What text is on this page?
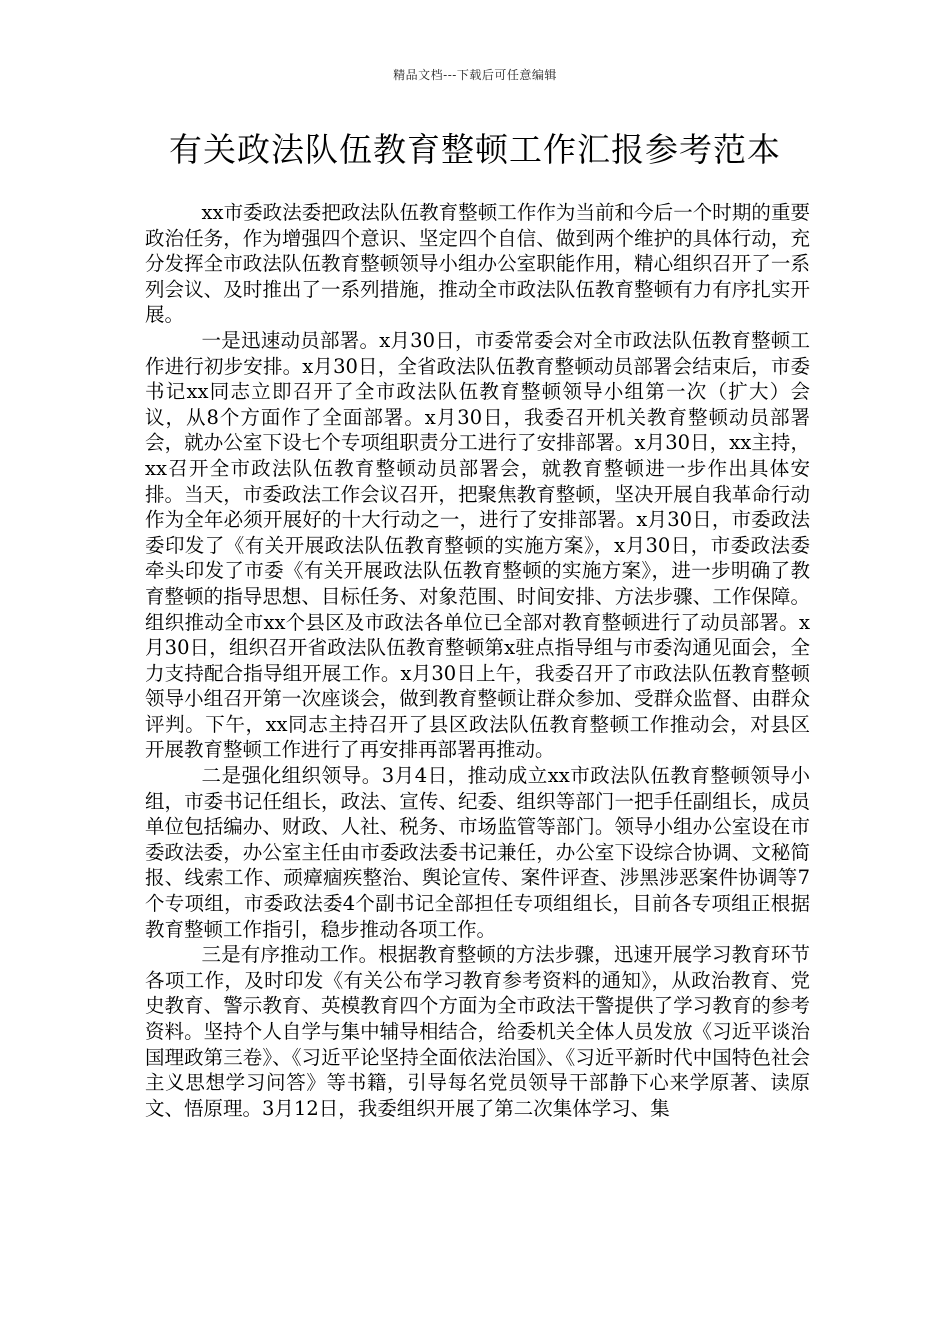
精品文档---下载后可任意编辑
有关政法队伍教育整顿工作汇报参考范本

xx市委政法委把政法队伍教育整顿工作作为当前和今后一个时期的重要政治任务，作为增强四个意识、坚定四个自信、做到两个维护的具体行动，充分发挥全市政法队伍教育整顿领导小组办公室职能作用，精心组织召开了一系列会议、及时推出了一系列措施，推动全市政法队伍教育整顿有力有序扎实开展。

一是迅速动员部署。x月30日，市委常委会对全市政法队伍教育整顿工作进行初步安排。x月30日，全省政法队伍教育整顿动员部署会结束后，市委书记xx同志立即召开了全市政法队伍教育整顿领导小组第一次（扩大）会议，从8个方面作了全面部署。x月30日，我委召开机关教育整顿动员部署会，就办公室下设七个专项组职责分工进行了安排部署。x月30日，xx主持，xx召开全市政法队伍教育整顿动员部署会，就教育整顿进一步作出具体安排。当天，市委政法工作会议召开，把聚焦教育整顿，坚决开展自我革命行动作为全年必须开展好的十大行动之一，进行了安排部署。x月30日，市委政法委印发了《有关开展政法队伍教育整顿的实施方案》，x月30日，市委政法委牵头印发了市委《有关开展政法队伍教育整顿的实施方案》，进一步明确了教育整顿的指导思想、目标任务、对象范围、时间安排、方法步骤、工作保障。组织推动全市xx个县区及市政法各单位已全部对教育整顿进行了动员部署。x月30日，组织召开省政法队伍教育整顿第x驻点指导组与市委沟通见面会，全力支持配合指导组开展工作。x月30日上午，我委召开了市政法队伍教育整顿领导小组召开第一次座谈会，做到教育整顿让群众参加、受群众监督、由群众评判。下午，xx同志主持召开了县区政法队伍教育整顿工作推动会，对县区开展教育整顿工作进行了再安排再部署再推动。

二是强化组织领导。3月4日，推动成立xx市政法队伍教育整顿领导小组，市委书记任组长，政法、宣传、纪委、组织等部门一把手任副组长，成员单位包括编办、财政、人社、税务、市场监管等部门。领导小组办公室设在市委政法委，办公室主任由市委政法委书记兼任，办公室下设综合协调、文秘简报、线索工作、顽瘴痼疾整治、舆论宣传、案件评查、涉黑涉恶案件协调等7个专项组，市委政法委4个副书记全部担任专项组组长，目前各专项组正根据教育整顿工作指引，稳步推动各项工作。

三是有序推动工作。根据教育整顿的方法步骤，迅速开展学习教育环节各项工作，及时印发《有关公布学习教育参考资料的通知》，从政治教育、党史教育、警示教育、英模教育四个方面为全市政法干警提供了学习教育的参考资料。坚持个人自学与集中辅导相结合，给委机关全体人员发放《习近平谈治国理政第三卷》、《习近平论坚持全面依法治国》、《习近平新时代中国特色社会主义思想学习问答》等书籍，引导每名党员领导干部静下心来学原著、读原文、悟原理。3月12日，我委组织开展了第二次集体学习、集
